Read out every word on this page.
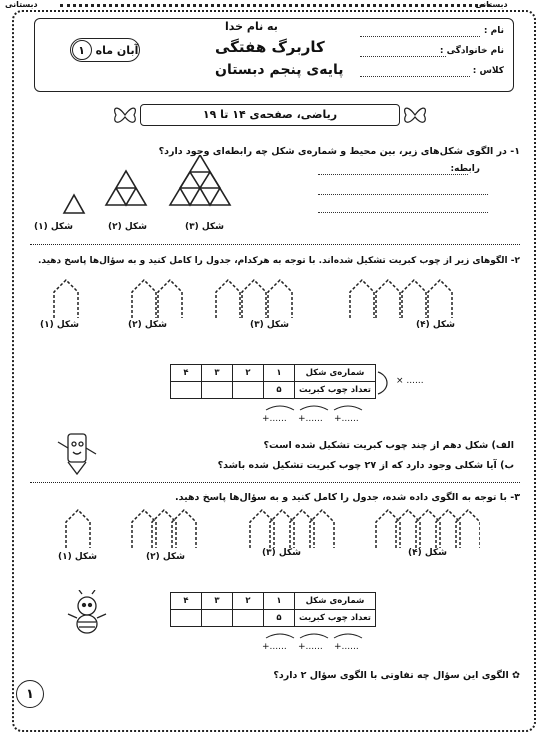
دبستانی
دبستانی
به نام خدا
کاربرگ هفتگی
پایه‌ی پنجم دبستان
آبان ماه
۱
نام :
نام خانوادگی :
کلاس :
ریاضی، صفحه‌ی ۱۴ تا ۱۹
۱- در الگوی شکل‌های زیر، بین محیط و شماره‌ی شکل چه رابطه‌ای وجود دارد؟
رابطه:
شکل (۱)	شکل (۲)	شکل (۳)
۲- الگوهای زیر از چوب کبریت تشکیل شده‌اند. با توجه به هرکدام، جدول را کامل کنید و به سؤال‌ها پاسخ دهید.
شکل (۱)	شکل (۲)	شکل (۳)	شکل (۴)
شماره‌ی شکل	۱	۲	۳	۴
تعداد چوب کبریت	۵			
× ......
+...... +...... +......
الف) شکل دهم از چند چوب کبریت تشکیل شده است؟
ب) آیا شکلی وجود دارد که از ۲۷ چوب کبریت تشکیل شده باشد؟
۳- با توجه به الگوی داده شده، جدول را کامل کنید و به سؤال‌ها پاسخ دهید.
شکل (۱)	شکل (۲)	شکل (۳)	شکل (۴)
شماره‌ی شکل	۱	۲	۳	۴
تعداد چوب کبریت	۵			
+...... +...... +......
✿ الگوی این سؤال چه تفاوتی با الگوی سؤال ۲ دارد؟
۱
